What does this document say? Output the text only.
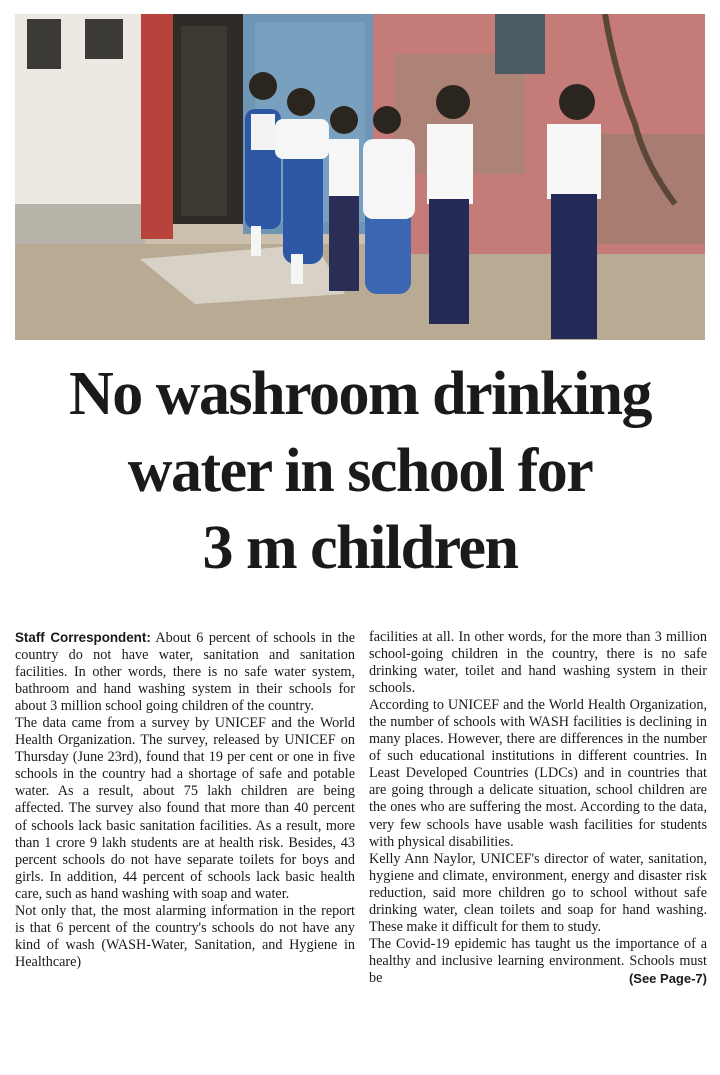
No washroom drinking
water in school for
3 m children

Staff Correspondent: About 6 percent of schools in the country do not have water, sanitation and sanitation facilities. In other words, there is no safe water system, bathroom and hand washing system in their schools for about 3 million school going children of the country.

The data came from a survey by UNICEF and the World Health Organization. The survey, released by UNICEF on Thursday (June 23rd), found that 19 per cent or one in five schools in the country had a shortage of safe and potable water. As a result, about 75 lakh children are being affected. The survey also found that more than 40 percent of schools lack basic sanitation facilities. As a result, more than 1 crore 9 lakh students are at health risk. Besides, 43 percent schools do not have separate toilets for boys and girls. In addition, 44 percent of schools lack basic health care, such as hand washing with soap and water.

Not only that, the most alarming information in the report is that 6 percent of the country's schools do not have any kind of wash (WASH-Water, Sanitation, and Hygiene in Healthcare)

facilities at all. In other words, for the more than 3 million school-going children in the country, there is no safe drinking water, toilet and hand washing system in their schools.

According to UNICEF and the World Health Organization, the number of schools with WASH facilities is declining in many places. However, there are differences in the number of such educational institutions in different countries. In Least Developed Countries (LDCs) and in countries that are going through a delicate situation, school children are the ones who are suffering the most. According to the data, very few schools have usable wash facilities for students with physical disabilities.

Kelly Ann Naylor, UNICEF's director of water, sanitation, hygiene and climate, environment, energy and disaster risk reduction, said more children go to school without safe drinking water, clean toilets and soap for hand washing. These make it difficult for them to study.

The Covid-19 epidemic has taught us the importance of a healthy and inclusive learning environment. Schools must be	(See Page-7)
